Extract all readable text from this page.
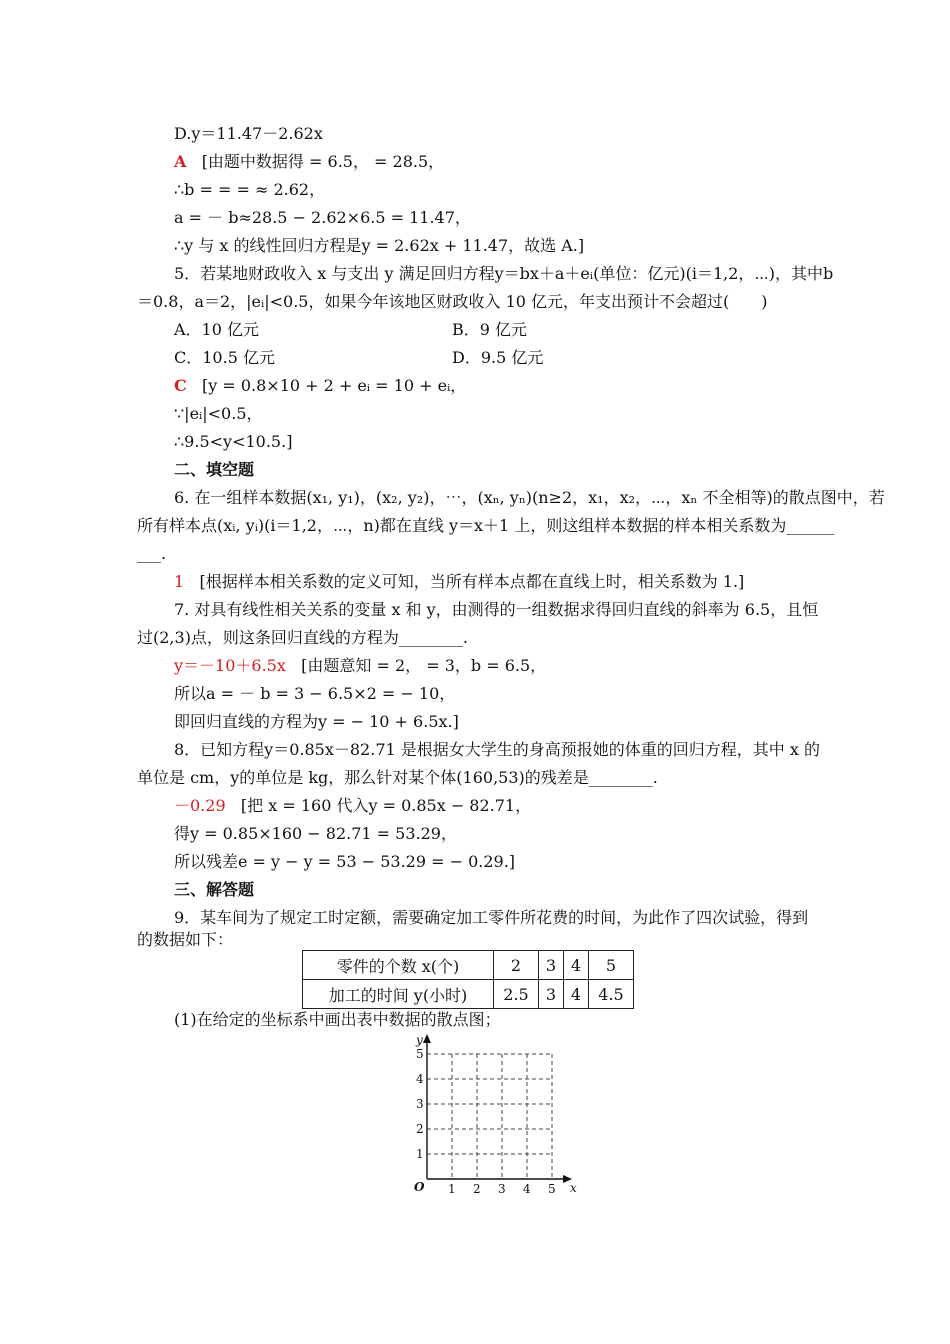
D.y＝11.47－2.62x
A [由题中数据得 = 6.5， = 28.5，
∴b = = = ≈ 2.62，
a = － b≈28.5 − 2.62×6.5 = 11.47，
∴y 与 x 的线性回归方程是y = 2.62x + 11.47，故选 A.]
5．若某地财政收入 x 与支出 y 满足回归方程y＝bx＋a＋eᵢ(单位：亿元)(i＝1,2，⋯)，其中b
＝0.8，a＝2，|eᵢ|<0.5，如果今年该地区财政收入 10 亿元，年支出预计不会超过(　　)
A．10 亿元	B．9 亿元
C．10.5 亿元	D．9.5 亿元
C [y = 0.8×10 + 2 + eᵢ = 10 + eᵢ，
∵|eᵢ|<0.5，
∴9.5<y<10.5.]
二、填空题
6. 在一组样本数据(x₁, y₁)，(x₂, y₂)，⋯，(xₙ, yₙ)(n≥2，x₁，x₂，⋯，xₙ 不全相等)的散点图中，若
所有样本点(xᵢ, yᵢ)(i＝1,2，⋯，n)都在直线 y＝x＋1 上，则这组样本数据的样本相关系数为______
___.
1 [根据样本相关系数的定义可知，当所有样本点都在直线上时，相关系数为 1.]
7. 对具有线性相关关系的变量 x 和 y，由测得的一组数据求得回归直线的斜率为 6.5，且恒
过(2,3)点，则这条回归直线的方程为________.
y＝－10＋6.5x [由题意知 = 2， = 3，b = 6.5，
所以a = － b = 3 − 6.5×2 = − 10，
即回归直线的方程为y = − 10 + 6.5x.]
8．已知方程y＝0.85x－82.71 是根据女大学生的身高预报她的体重的回归方程，其中 x 的
单位是 cm，y的单位是 kg，那么针对某个体(160,53)的残差是________.
－0.29 [把 x = 160 代入y = 0.85x − 82.71，
得y = 0.85×160 − 82.71 = 53.29，
所以残差e = y − y = 53 − 53.29 = − 0.29.]
三、解答题
9．某车间为了规定工时定额，需要确定加工零件所花费的时间，为此作了四次试验，得到
的数据如下：
零件的个数 x(个)	2	3	4	5
加工的时间 y(小时)	2.5	3	4	4.5
(1)在给定的坐标系中画出表中数据的散点图；
O	x
y
1 2 3 4 5
1
2
3
4
5
